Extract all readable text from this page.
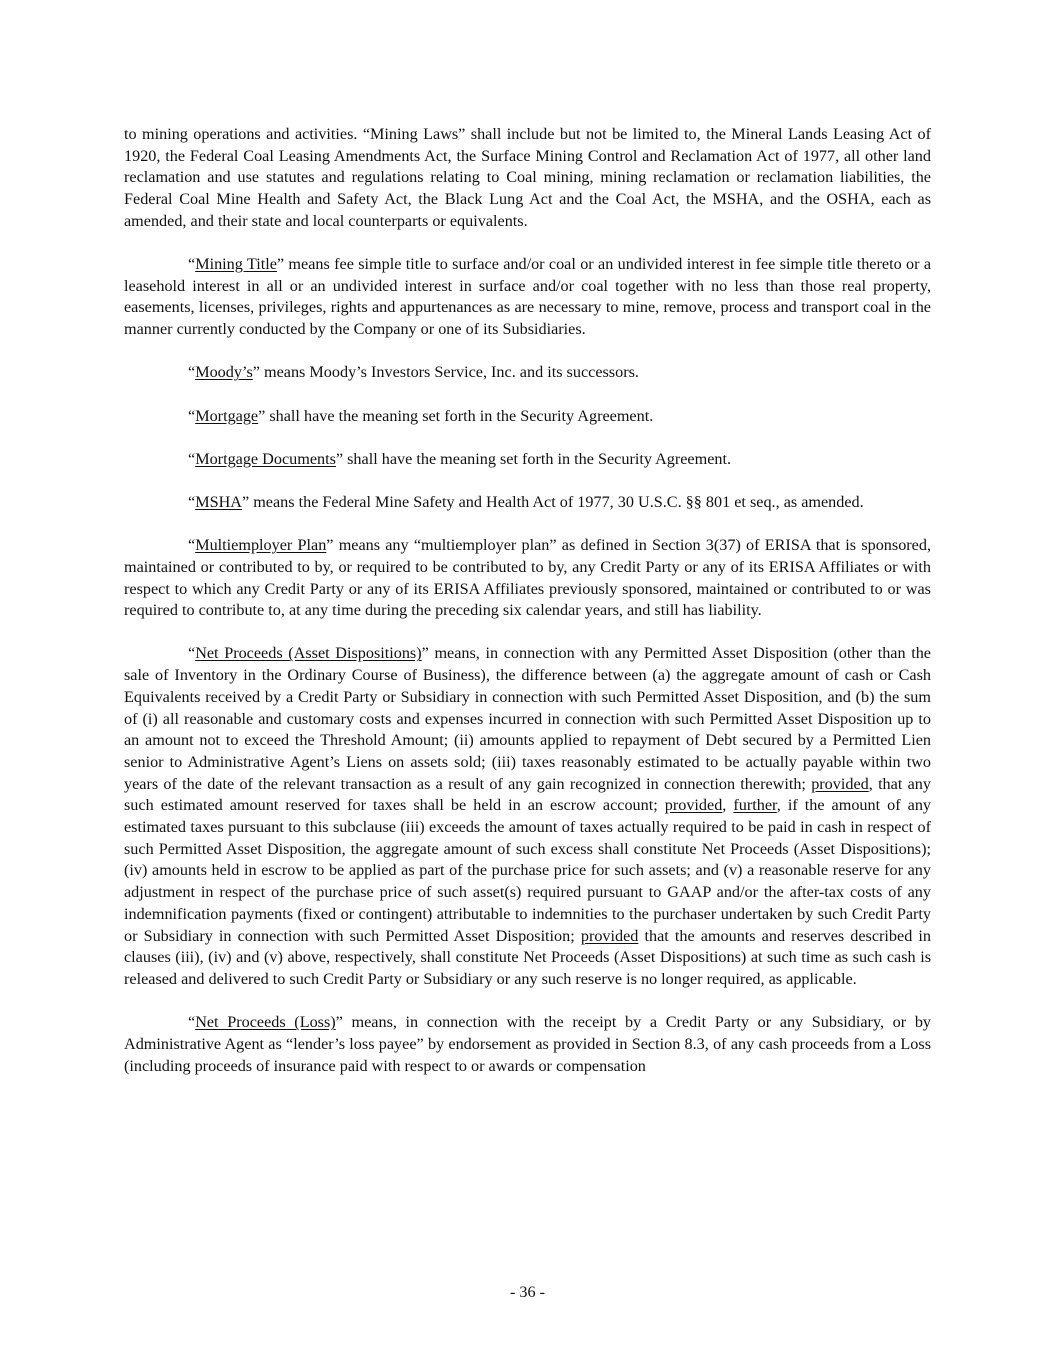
to mining operations and activities. “Mining Laws” shall include but not be limited to, the Mineral Lands Leasing Act of 1920, the Federal Coal Leasing Amendments Act, the Surface Mining Control and Reclamation Act of 1977, all other land reclamation and use statutes and regulations relating to Coal mining, mining reclamation or reclamation liabilities, the Federal Coal Mine Health and Safety Act, the Black Lung Act and the Coal Act, the MSHA, and the OSHA, each as amended, and their state and local counterparts or equivalents.

“Mining Title” means fee simple title to surface and/or coal or an undivided interest in fee simple title thereto or a leasehold interest in all or an undivided interest in surface and/or coal together with no less than those real property, easements, licenses, privileges, rights and appurtenances as are necessary to mine, remove, process and transport coal in the manner currently conducted by the Company or one of its Subsidiaries.

“Moody’s” means Moody’s Investors Service, Inc. and its successors.

“Mortgage” shall have the meaning set forth in the Security Agreement.

“Mortgage Documents” shall have the meaning set forth in the Security Agreement.

“MSHA” means the Federal Mine Safety and Health Act of 1977, 30 U.S.C. §§ 801 et seq., as amended.

“Multiemployer Plan” means any “multiemployer plan” as defined in Section 3(37) of ERISA that is sponsored, maintained or contributed to by, or required to be contributed to by, any Credit Party or any of its ERISA Affiliates or with respect to which any Credit Party or any of its ERISA Affiliates previously sponsored, maintained or contributed to or was required to contribute to, at any time during the preceding six calendar years, and still has liability.

“Net Proceeds (Asset Dispositions)” means, in connection with any Permitted Asset Disposition (other than the sale of Inventory in the Ordinary Course of Business), the difference between (a) the aggregate amount of cash or Cash Equivalents received by a Credit Party or Subsidiary in connection with such Permitted Asset Disposition, and (b) the sum of (i) all reasonable and customary costs and expenses incurred in connection with such Permitted Asset Disposition up to an amount not to exceed the Threshold Amount; (ii) amounts applied to repayment of Debt secured by a Permitted Lien senior to Administrative Agent’s Liens on assets sold; (iii) taxes reasonably estimated to be actually payable within two years of the date of the relevant transaction as a result of any gain recognized in connection therewith; provided, that any such estimated amount reserved for taxes shall be held in an escrow account; provided, further, if the amount of any estimated taxes pursuant to this subclause (iii) exceeds the amount of taxes actually required to be paid in cash in respect of such Permitted Asset Disposition, the aggregate amount of such excess shall constitute Net Proceeds (Asset Dispositions); (iv) amounts held in escrow to be applied as part of the purchase price for such assets; and (v) a reasonable reserve for any adjustment in respect of the purchase price of such asset(s) required pursuant to GAAP and/or the after-tax costs of any indemnification payments (fixed or contingent) attributable to indemnities to the purchaser undertaken by such Credit Party or Subsidiary in connection with such Permitted Asset Disposition; provided that the amounts and reserves described in clauses (iii), (iv) and (v) above, respectively, shall constitute Net Proceeds (Asset Dispositions) at such time as such cash is released and delivered to such Credit Party or Subsidiary or any such reserve is no longer required, as applicable.

“Net Proceeds (Loss)” means, in connection with the receipt by a Credit Party or any Subsidiary, or by Administrative Agent as “lender’s loss payee” by endorsement as provided in Section 8.3, of any cash proceeds from a Loss (including proceeds of insurance paid with respect to or awards or compensation

- 36 -
